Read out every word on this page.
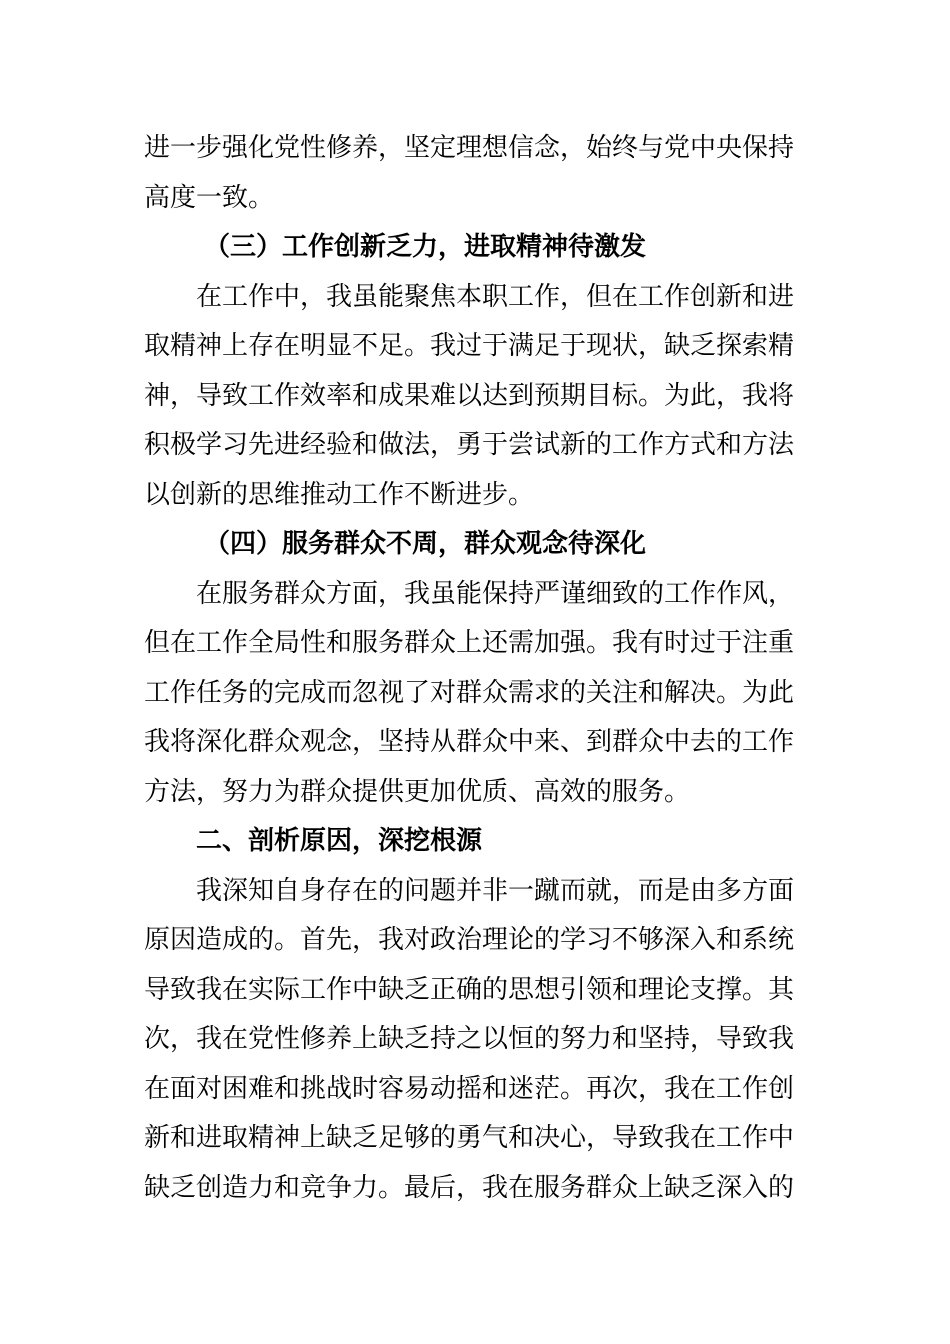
进一步强化党性修养，坚定理想信念，始终与党中央保持
高度一致。
（三）工作创新乏力，进取精神待激发
在工作中，我虽能聚焦本职工作，但在工作创新和进
取精神上存在明显不足。我过于满足于现状，缺乏探索精
神，导致工作效率和成果难以达到预期目标。为此，我将
积极学习先进经验和做法，勇于尝试新的工作方式和方法
以创新的思维推动工作不断进步。
（四）服务群众不周，群众观念待深化
在服务群众方面，我虽能保持严谨细致的工作作风，
但在工作全局性和服务群众上还需加强。我有时过于注重
工作任务的完成而忽视了对群众需求的关注和解决。为此
我将深化群众观念，坚持从群众中来、到群众中去的工作
方法，努力为群众提供更加优质、高效的服务。
二、剖析原因，深挖根源
我深知自身存在的问题并非一蹴而就，而是由多方面
原因造成的。首先，我对政治理论的学习不够深入和系统
导致我在实际工作中缺乏正确的思想引领和理论支撑。其
次，我在党性修养上缺乏持之以恒的努力和坚持，导致我
在面对困难和挑战时容易动摇和迷茫。再次，我在工作创
新和进取精神上缺乏足够的勇气和决心，导致我在工作中
缺乏创造力和竞争力。最后，我在服务群众上缺乏深入的
